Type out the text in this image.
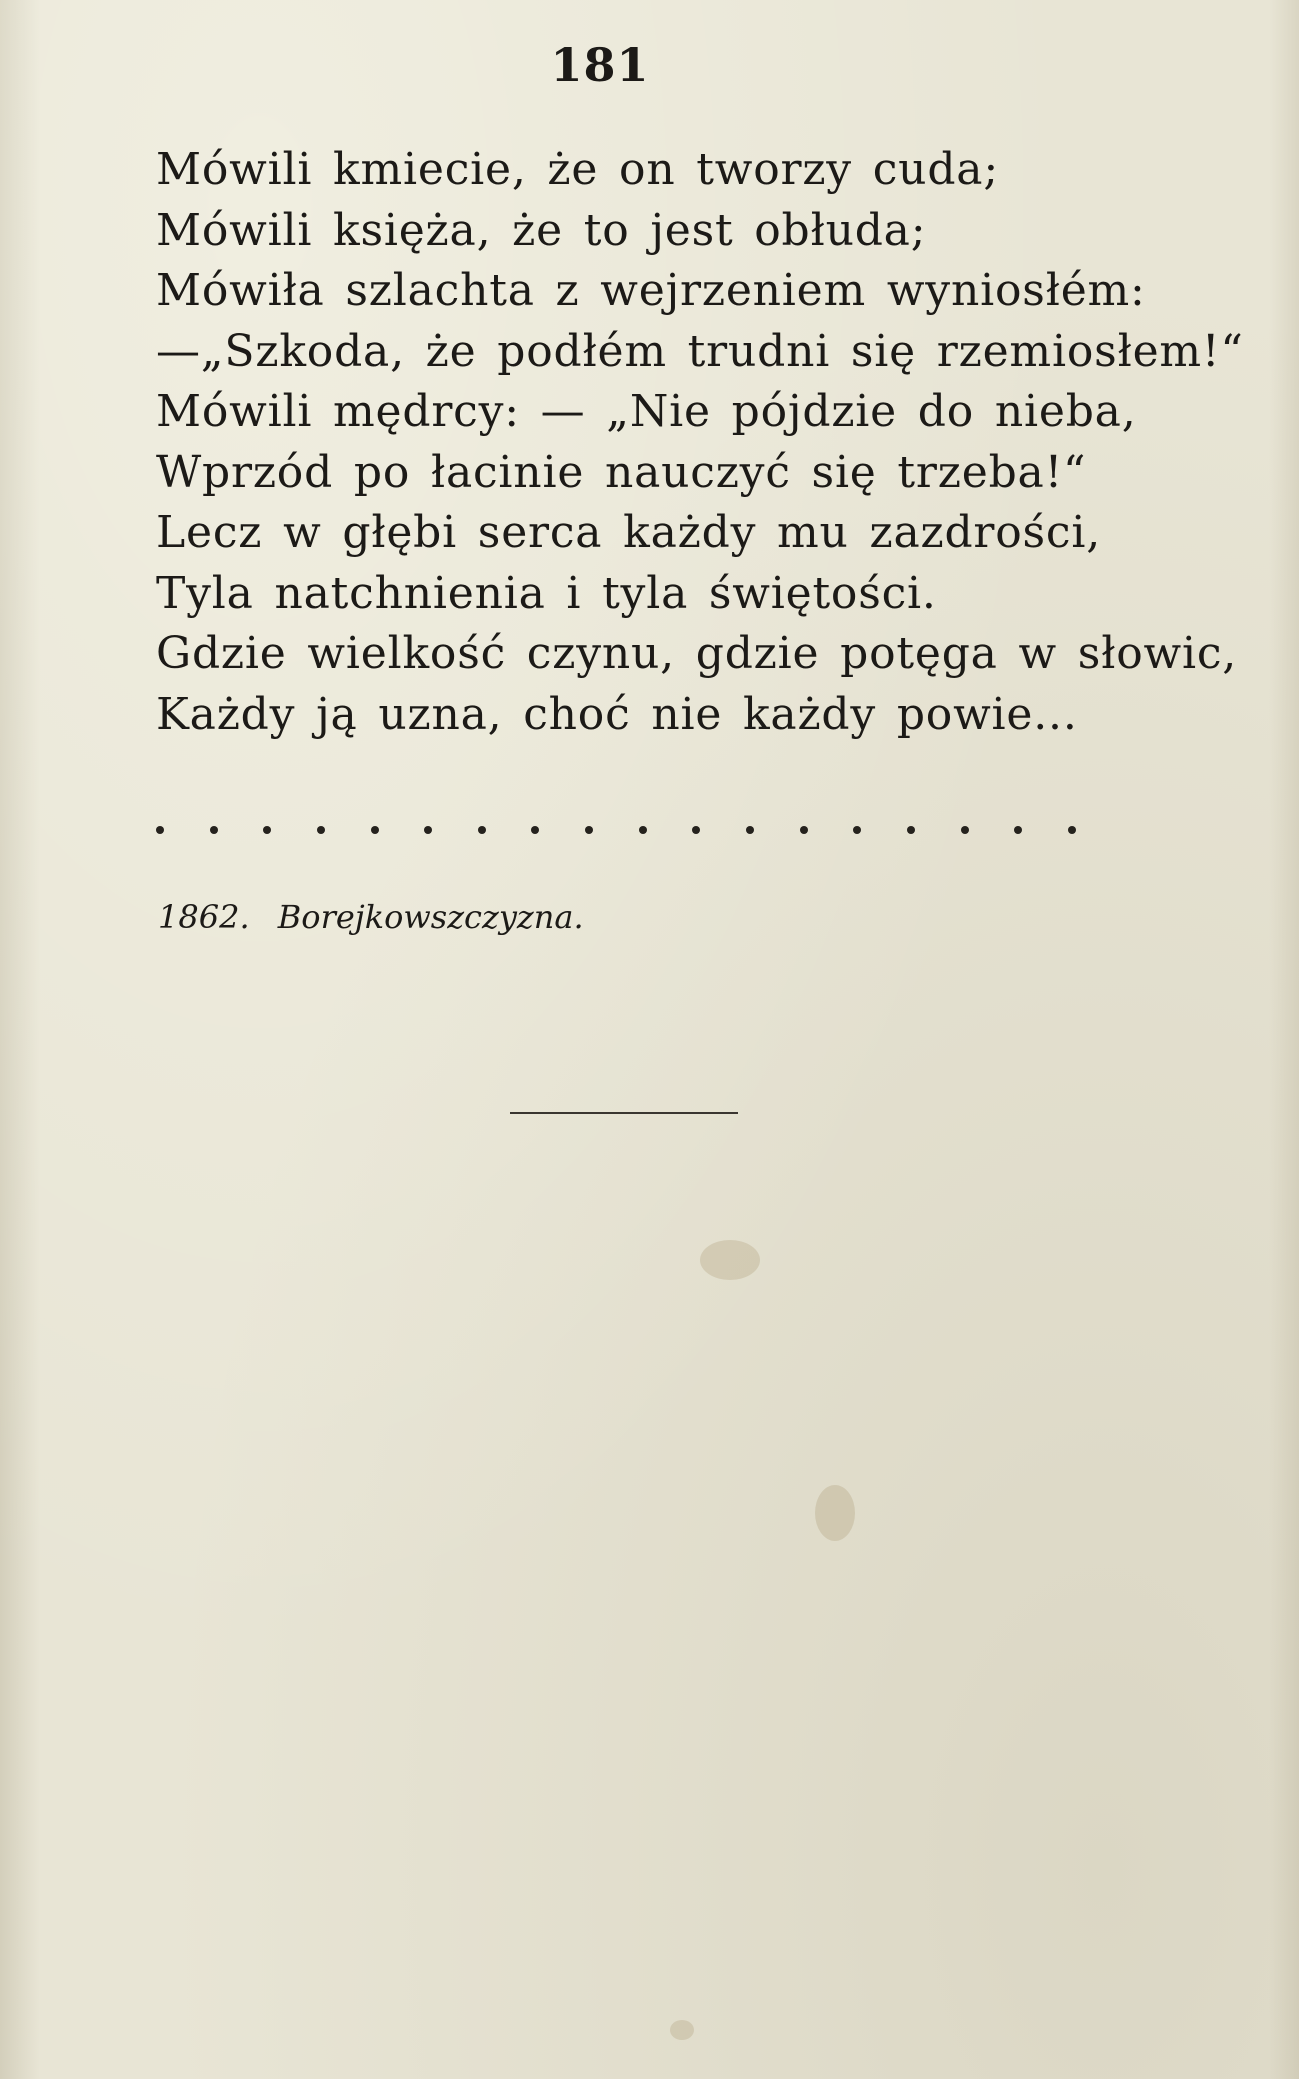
181
Mówili kmiecie, że on tworzy cuda;
Mówili księża, że to jest obłuda;
Mówiła szlachta z wejrzeniem wyniosłém:
—„Szkoda, że podłém trudni się rzemiosłem!“
Mówili mędrcy: — „Nie pójdzie do nieba,
Wprzód po łacinie nauczyć się trzeba!“
Lecz w głębi serca każdy mu zazdrości,
Tyla natchnienia i tyla świętości.
Gdzie wielkość czynu, gdzie potęga w słowic,
Każdy ją uzna, choć nie każdy powie...
1862. Borejkowszczyzna.
